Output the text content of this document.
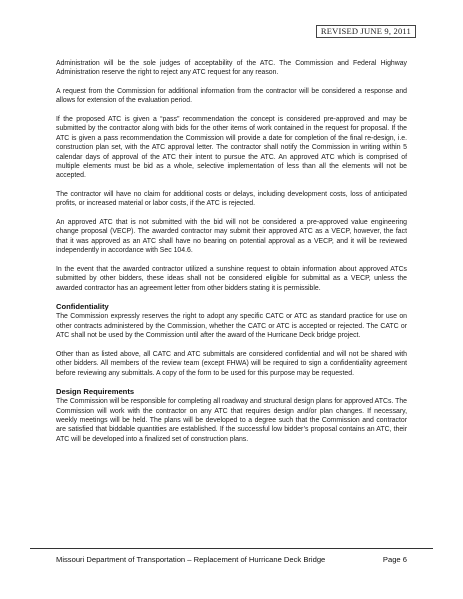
REVISED JUNE 9, 2011

Administration will be the sole judges of acceptability of the ATC. The Commission and Federal Highway Administration reserve the right to reject any ATC request for any reason.

A request from the Commission for additional information from the contractor will be considered a response and allows for extension of the evaluation period.

If the proposed ATC is given a “pass” recommendation the concept is considered pre-approved and may be submitted by the contractor along with bids for the other items of work contained in the request for proposal. If the ATC is given a pass recommendation the Commission will provide a date for completion of the final re-design, i.e. construction plan set, with the ATC approval letter. The contractor shall notify the Commission in writing within 5 calendar days of approval of the ATC their intent to pursue the ATC. An approved ATC which is comprised of multiple elements must be bid as a whole, selective implementation of less than all the elements will not be accepted.

The contractor will have no claim for additional costs or delays, including development costs, loss of anticipated profits, or increased material or labor costs, if the ATC is rejected.

An approved ATC that is not submitted with the bid will not be considered a pre-approved value engineering change proposal (VECP). The awarded contractor may submit their approved ATC as a VECP, however, the fact that it was approved as an ATC shall have no bearing on potential approval as a VECP, and it will be reviewed independently in accordance with Sec 104.6.

In the event that the awarded contractor utilized a sunshine request to obtain information about approved ATCs submitted by other bidders, these ideas shall not be considered eligible for submittal as a VECP, unless the awarded contractor has an agreement letter from other bidders stating it is permissible.

Confidentiality

The Commission expressly reserves the right to adopt any specific CATC or ATC as standard practice for use on other contracts administered by the Commission, whether the CATC or ATC is accepted or rejected. The CATC or ATC shall not be used by the Commission until after the award of the Hurricane Deck bridge project.

Other than as listed above, all CATC and ATC submittals are considered confidential and will not be shared with other bidders. All members of the review team (except FHWA) will be required to sign a confidentiality agreement before reviewing any submittals. A copy of the form to be used for this purpose may be requested.

Design Requirements

The Commission will be responsible for completing all roadway and structural design plans for approved ATCs. The Commission will work with the contractor on any ATC that requires design and/or plan changes. If necessary, weekly meetings will be held. The plans will be developed to a degree such that the Commission and contractor are satisfied that biddable quantities are established. If the successful low bidder’s proposal contains an ATC, their ATC will be developed into a finalized set of construction plans.

Missouri Department of Transportation – Replacement of Hurricane Deck Bridge	Page 6
